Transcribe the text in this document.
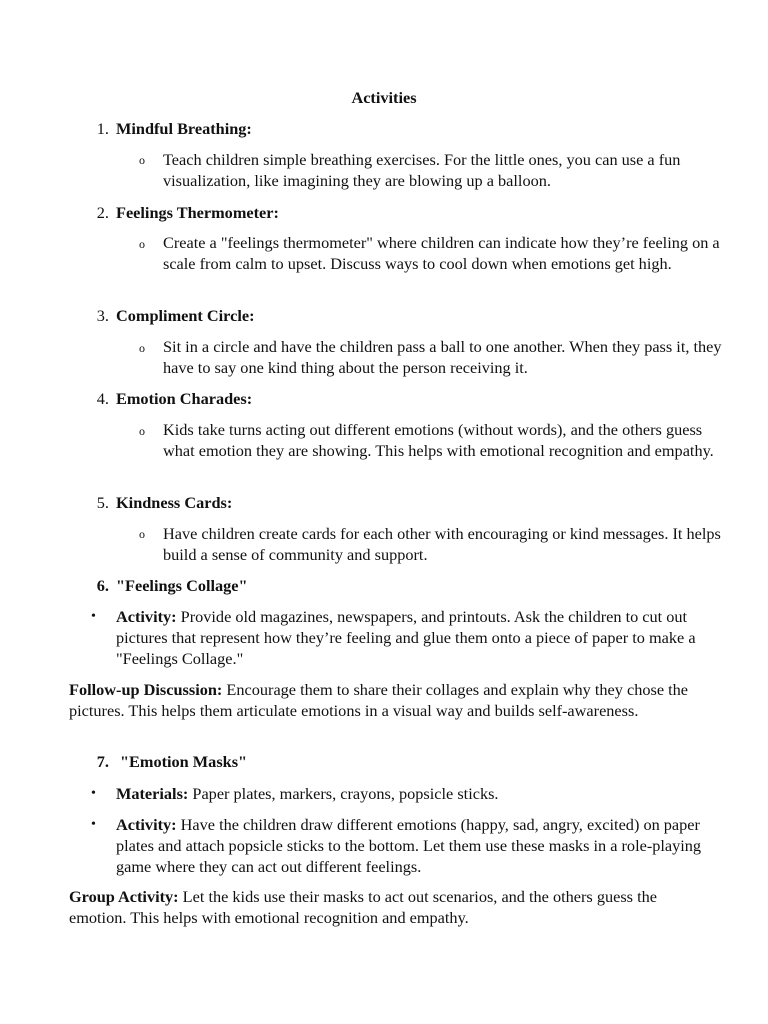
Activities
1. Mindful Breathing:
o Teach children simple breathing exercises. For the little ones, you can use a fun visualization, like imagining they are blowing up a balloon.
2. Feelings Thermometer:
o Create a "feelings thermometer" where children can indicate how they’re feeling on a scale from calm to upset. Discuss ways to cool down when emotions get high.
3. Compliment Circle:
o Sit in a circle and have the children pass a ball to one another. When they pass it, they have to say one kind thing about the person receiving it.
4. Emotion Charades:
o Kids take turns acting out different emotions (without words), and the others guess what emotion they are showing. This helps with emotional recognition and empathy.
5. Kindness Cards:
o Have children create cards for each other with encouraging or kind messages. It helps build a sense of community and support.
6. "Feelings Collage"
• Activity: Provide old magazines, newspapers, and printouts. Ask the children to cut out pictures that represent how they’re feeling and glue them onto a piece of paper to make a "Feelings Collage."
Follow-up Discussion: Encourage them to share their collages and explain why they chose the pictures. This helps them articulate emotions in a visual way and builds self-awareness.
7. "Emotion Masks"
• Materials: Paper plates, markers, crayons, popsicle sticks.
• Activity: Have the children draw different emotions (happy, sad, angry, excited) on paper plates and attach popsicle sticks to the bottom. Let them use these masks in a role-playing game where they can act out different feelings.
Group Activity: Let the kids use their masks to act out scenarios, and the others guess the emotion. This helps with emotional recognition and empathy.
